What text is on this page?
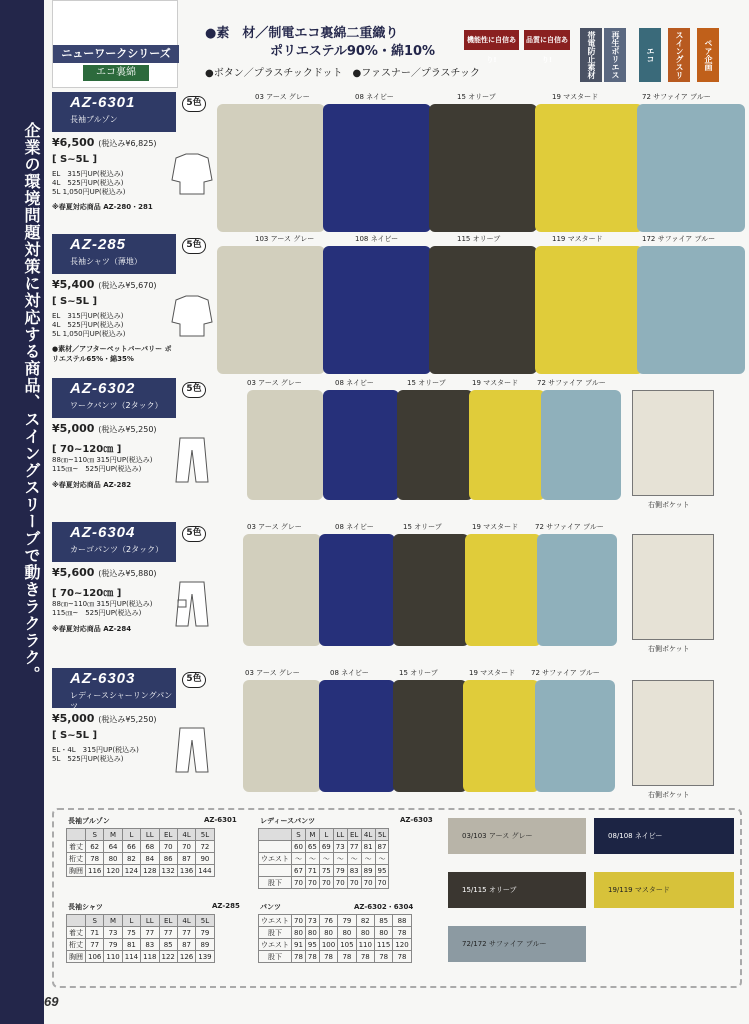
企業の環境問題対策に対応する商品、スイングスリーブで動きラクラク。
69
ニューワークシリーズ
エコ裏綿
●素　材／制電エコ裏綿二重織り
ポリエステル90%・綿10%
●ボタン／プラスチックドット　●ファスナー／プラスチック
機能性に自信あり!
品質に自信あり!	帯電防止素材	再生ポリエス
エコ
スイングスリ
ペア企画
AZ-6301
長袖ブルゾン
5色
¥6,500 (税込み¥6,825)
[ S~5L ]
EL　315円UP(税込み)
4L　525円UP(税込み)
5L 1,050円UP(税込み)
※春夏対応商品 AZ-280・281
03 アース グレー	08 ネイビー	15 オリーブ	19 マスタード	72 サファイア ブルー
AZ-285
長袖シャツ（薄地）
5色
¥5,400 (税込み¥5,670)
[ S~5L ]
EL　315円UP(税込み)
4L　525円UP(税込み)
5L 1,050円UP(税込み)
●素材／アフターペットバーバリー ポリエステル65%・綿35%
103 アース グレー	108 ネイビー	115 オリーブ	119 マスタード	172 サファイア ブルー
AZ-6302
ワークパンツ（2タック）
5色
¥5,000 (税込み¥5,250)
[ 70~120㎝ ]
88㎝~110㎝ 315円UP(税込み)
115㎝~　525円UP(税込み)
※春夏対応商品 AZ-282
03 アース グレー	08 ネイビー	15 オリーブ	19 マスタード	72 サファイア ブルー
右側ポケット
AZ-6304
カーゴパンツ（2タック）
5色
¥5,600 (税込み¥5,880)
[ 70~120㎝ ]
88㎝~110㎝ 315円UP(税込み)
115㎝~　525円UP(税込み)
※春夏対応商品 AZ-284
03 アース グレー	08 ネイビー	15 オリーブ	19 マスタード 72 サファイア ブルー
右側ポケット
AZ-6303
レディースシャーリングパンツ
5色
¥5,000 (税込み¥5,250)
[ S~5L ]
EL・4L　315円UP(税込み)
5L　525円UP(税込み)
03 アース グレー	08 ネイビー	15 オリーブ	19 マスタード 72 サファイア ブルー
右側ポケット
長袖ブルゾン	AZ-6301
	S	M	L	LL	EL	4L	5L
着丈	62	64	66	68	70	70	72
桁丈	78	80	82	84	86	87	90
胸囲	116	120	124	128	132	136	144
長袖シャツ	AZ-285
	S	M	L	LL	EL	4L	5L
着丈	71	73	75	77	77	77	79
桁丈	77	79	81	83	85	87	89
胸囲	106	110	114	118	122	126	139
レディースパンツ	AZ-6303
	S	M	L	LL	EL	4L	5L
	60	65	69	73	77	81	87
ウエスト	〜	〜	〜	〜	〜	〜	〜
	67	71	75	79	83	89	95
股下	70	70	70	70	70	70	70
パンツ	AZ-6302・6304
ウエスト	70	73	76	79	82	85	88
股下	80	80	80	80	80	80	78
ウエスト	91	95	100	105	110	115	120
股下	78	78	78	78	78	78	78
03/103 アース グレー	08/108 ネイビー
15/115 オリーブ	19/119 マスタード
72/172 サファイア ブルー
